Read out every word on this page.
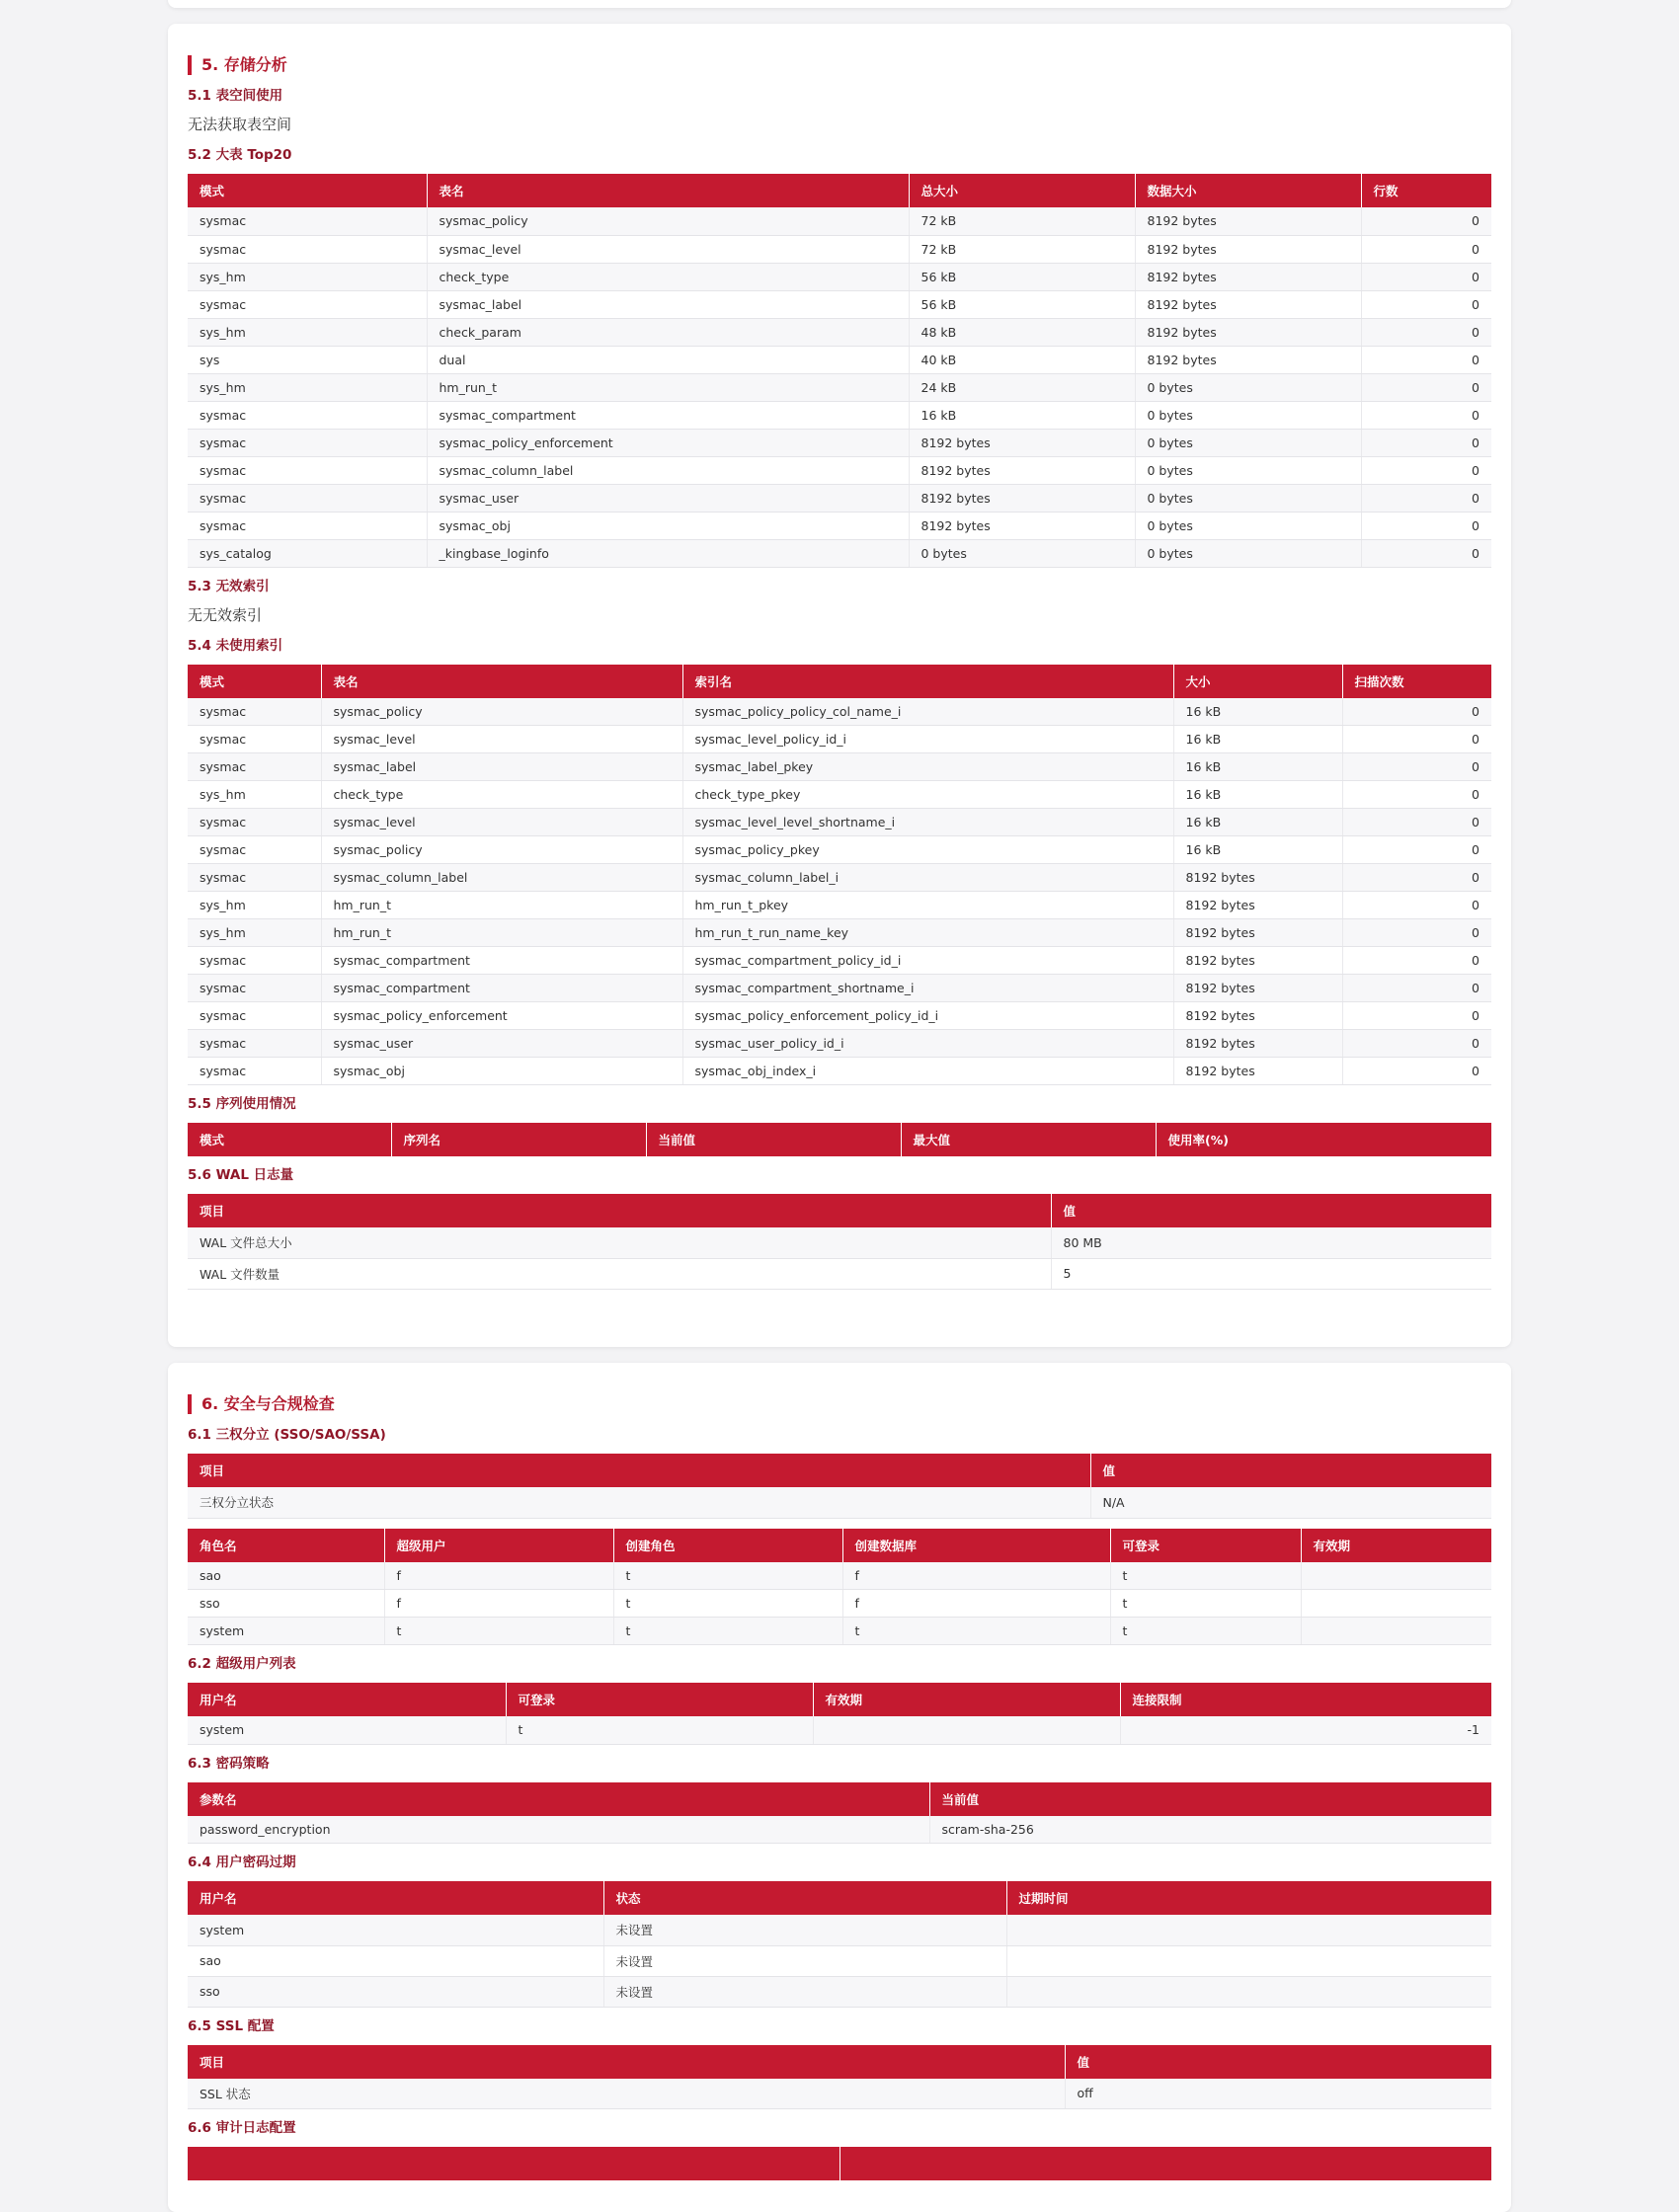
5. 存储分析
5.1 表空间使用
无法获取表空间
5.2 大表 Top20
模式	表名	总大小	数据大小	行数
sysmac	sysmac_policy	72 kB	8192 bytes	0
sysmac	sysmac_level	72 kB	8192 bytes	0
sys_hm	check_type	56 kB	8192 bytes	0
sysmac	sysmac_label	56 kB	8192 bytes	0
sys_hm	check_param	48 kB	8192 bytes	0
sys	dual	40 kB	8192 bytes	0
sys_hm	hm_run_t	24 kB	0 bytes	0
sysmac	sysmac_compartment	16 kB	0 bytes	0
sysmac	sysmac_policy_enforcement	8192 bytes	0 bytes	0
sysmac	sysmac_column_label	8192 bytes	0 bytes	0
sysmac	sysmac_user	8192 bytes	0 bytes	0
sysmac	sysmac_obj	8192 bytes	0 bytes	0
sys_catalog	_kingbase_loginfo	0 bytes	0 bytes	0
5.3 无效索引
无无效索引
5.4 未使用索引
模式	表名	索引名	大小	扫描次数
sysmac	sysmac_policy	sysmac_policy_policy_col_name_i	16 kB	0
sysmac	sysmac_level	sysmac_level_policy_id_i	16 kB	0
sysmac	sysmac_label	sysmac_label_pkey	16 kB	0
sys_hm	check_type	check_type_pkey	16 kB	0
sysmac	sysmac_level	sysmac_level_level_shortname_i	16 kB	0
sysmac	sysmac_policy	sysmac_policy_pkey	16 kB	0
sysmac	sysmac_column_label	sysmac_column_label_i	8192 bytes	0
sys_hm	hm_run_t	hm_run_t_pkey	8192 bytes	0
sys_hm	hm_run_t	hm_run_t_run_name_key	8192 bytes	0
sysmac	sysmac_compartment	sysmac_compartment_policy_id_i	8192 bytes	0
sysmac	sysmac_compartment	sysmac_compartment_shortname_i	8192 bytes	0
sysmac	sysmac_policy_enforcement	sysmac_policy_enforcement_policy_id_i	8192 bytes	0
sysmac	sysmac_user	sysmac_user_policy_id_i	8192 bytes	0
sysmac	sysmac_obj	sysmac_obj_index_i	8192 bytes	0
5.5 序列使用情况
模式	序列名	当前值	最大值	使用率(%)
5.6 WAL 日志量
项目	值
WAL 文件总大小	80 MB
WAL 文件数量	5
6. 安全与合规检查
6.1 三权分立 (SSO/SAO/SSA)
项目	值
三权分立状态	N/A
角色名	超级用户	创建角色	创建数据库	可登录	有效期
sao	f	t	f	t	
sso	f	t	f	t	
system	t	t	t	t	
6.2 超级用户列表
用户名	可登录	有效期	连接限制
system	t		-1
6.3 密码策略
参数名	当前值
password_encryption	scram-sha-256
6.4 用户密码过期
用户名	状态	过期时间
system	未设置	
sao	未设置	
sso	未设置	
6.5 SSL 配置
项目	值
SSL 状态	off
6.6 审计日志配置
